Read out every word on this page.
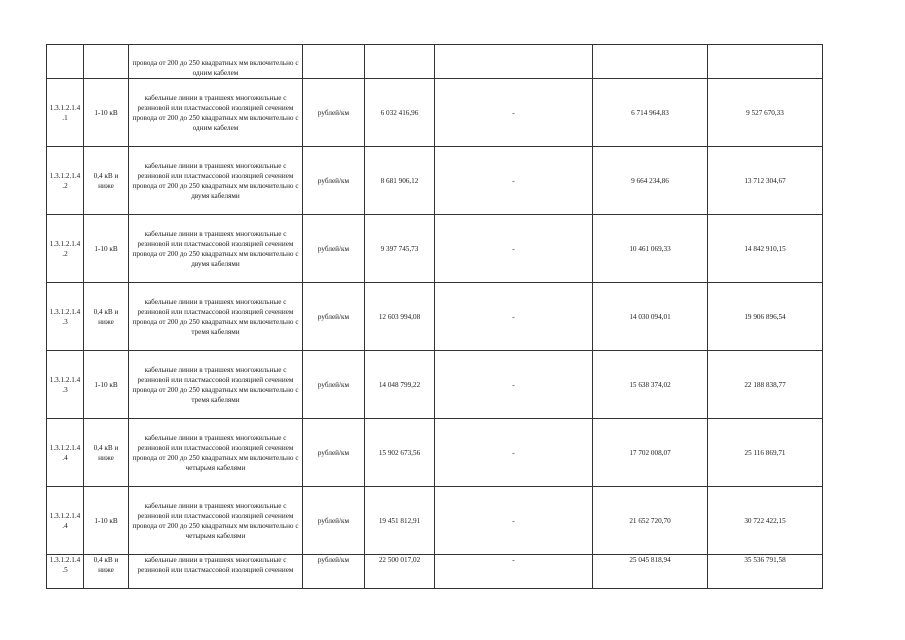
		провода от 200 до 250 квадратных мм включительно с одним кабелем					

1.3.1.2.1.4.1	1-10 кВ	кабельные линии в траншеях многожильные с резиновой или пластмассовой изоляцией сечением провода от 200 до 250 квадратных мм включительно с одним кабелем	рублей/км	6 032 416,96	-	6 714 964,83	9 527 670,33
1.3.1.2.1.4.2	0,4 кВ и ниже	кабельные линии в траншеях многожильные с резиновой или пластмассовой изоляцией сечением провода от 200 до 250 квадратных мм включительно с двумя кабелями	рублей/км	8 681 906,12	-	9 664 234,86	13 712 304,67
1.3.1.2.1.4.2	1-10 кВ	кабельные линии в траншеях многожильные с резиновой или пластмассовой изоляцией сечением провода от 200 до 250 квадратных мм включительно с двумя кабелями	рублей/км	9 397 745,73	-	10 461 069,33	14 842 910,15
1.3.1.2.1.4.3	0,4 кВ и ниже	кабельные линии в траншеях многожильные с резиновой или пластмассовой изоляцией сечением провода от 200 до 250 квадратных мм включительно с тремя кабелями	рублей/км	12 603 994,08	-	14 030 094,01	19 906 896,54
1.3.1.2.1.4.3	1-10 кВ	кабельные линии в траншеях многожильные с резиновой или пластмассовой изоляцией сечением провода от 200 до 250 квадратных мм включительно с тремя кабелями	рублей/км	14 048 799,22	-	15 638 374,02	22 188 838,77
1.3.1.2.1.4.4	0,4 кВ и ниже	кабельные линии в траншеях многожильные с резиновой или пластмассовой изоляцией сечением провода от 200 до 250 квадратных мм включительно с четырьмя кабелями	рублей/км	15 902 673,56	-	17 702 008,07	25 116 869,71
1.3.1.2.1.4.4	1-10 кВ	кабельные линии в траншеях многожильные с резиновой или пластмассовой изоляцией сечением провода от 200 до 250 квадратных мм включительно с четырьмя кабелями	рублей/км	19 451 812,91	-	21 652 720,70	30 722 422,15
1.3.1.2.1.4.5	0,4 кВ и ниже	кабельные линии в траншеях многожильные с резиновой или пластмассовой изоляцией сечением	рублей/км	22 500 017,02	-	25 045 818,94	35 536 791,58
